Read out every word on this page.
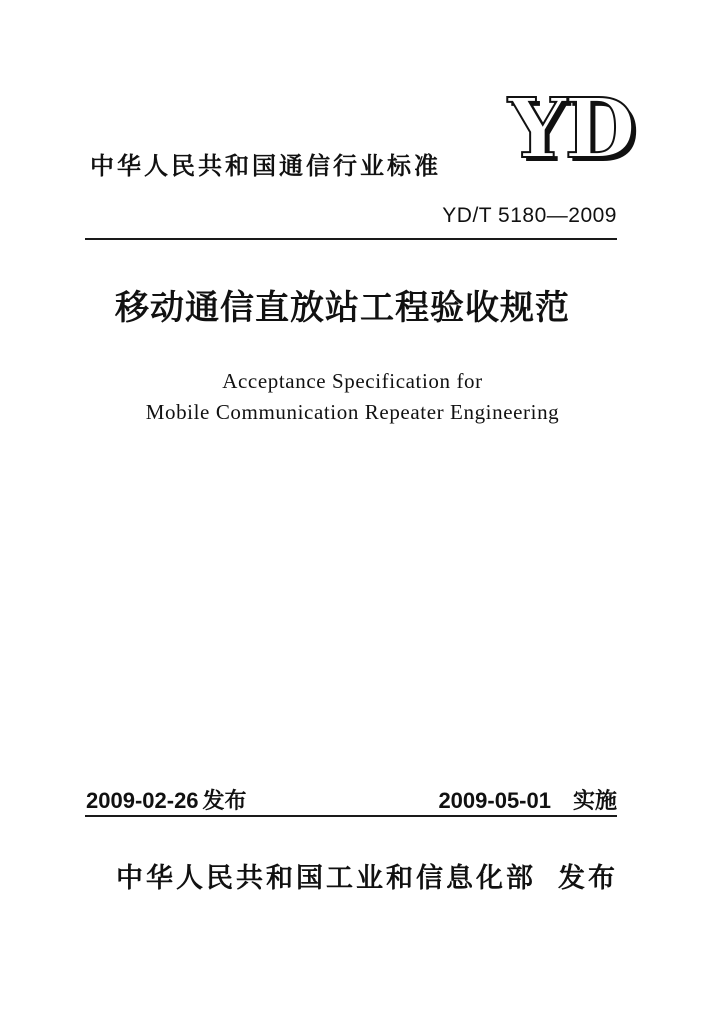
YD
中华人民共和国通信行业标准
YD/T 5180—2009
移动通信直放站工程验收规范
Acceptance Specification for
Mobile Communication Repeater Engineering
2009-02-26 发布	2009-05-01 实施
中华人民共和国工业和信息化部 发布
